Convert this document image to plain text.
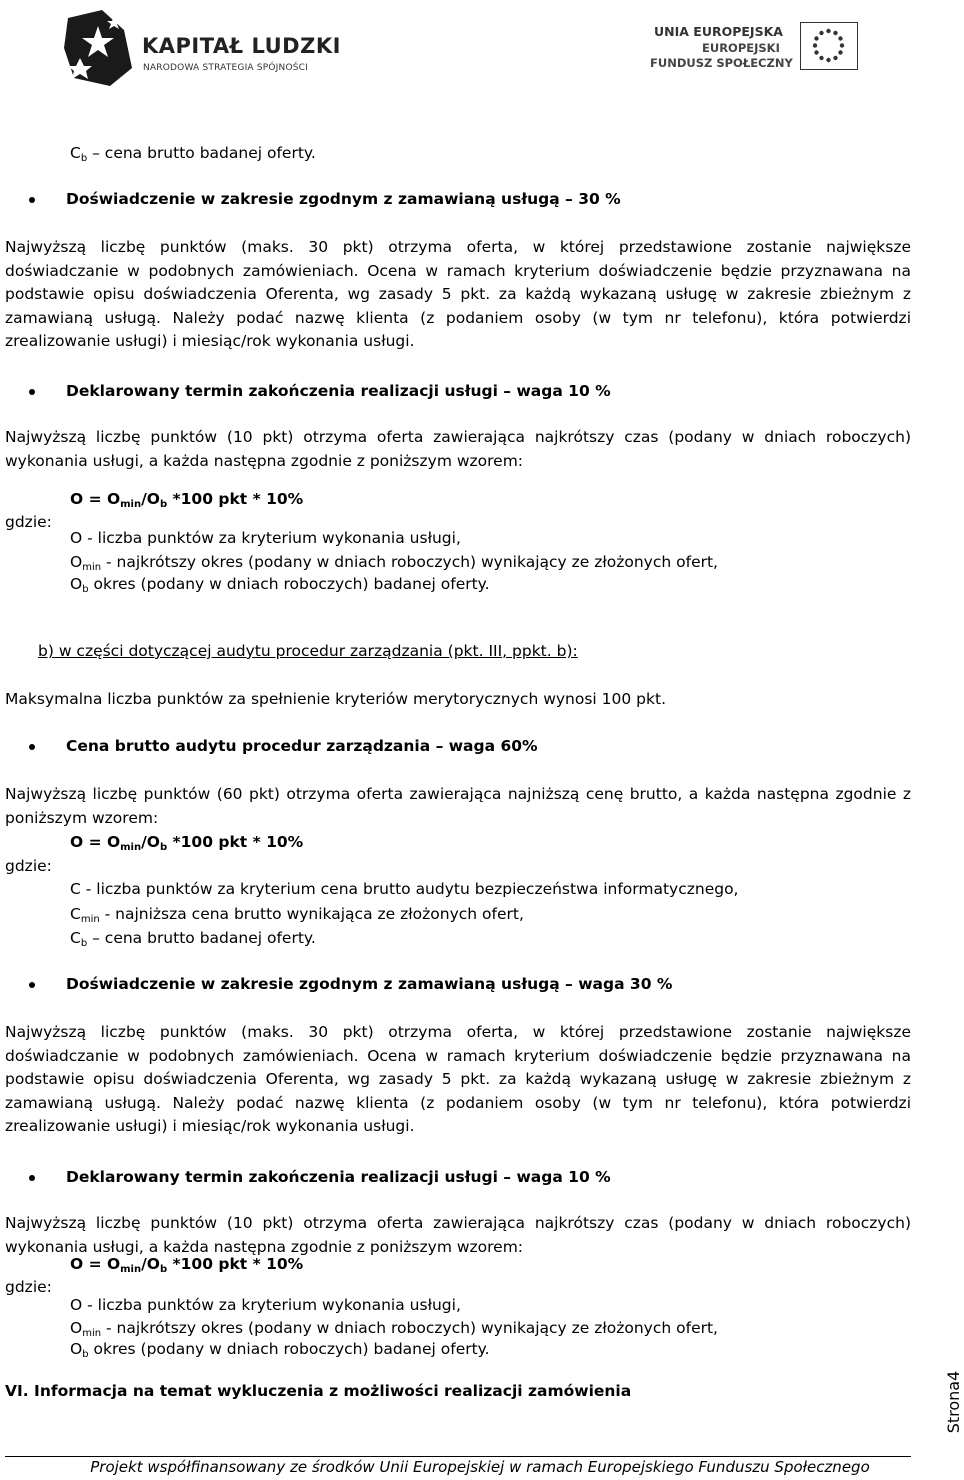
KAPITAŁ LUDZKI
NARODOWA STRATEGIA SPÓJNOŚCI
UNIA EUROPEJSKA
EUROPEJSKI
FUNDUSZ SPOŁECZNY
$C_b$ – cena brutto badanej oferty.
Doświadczenie w zakresie zgodnym z zamawianą usługą – 30 %
Najwyższą liczbę punktów (maks. 30 pkt) otrzyma oferta, w której przedstawione zostanie największe doświadczanie w podobnych zamówieniach. Ocena w ramach kryterium doświadczenie będzie przyznawana na podstawie opisu doświadczenia Oferenta, wg zasady 5 pkt. za każdą wykazaną usługę w zakresie zbieżnym z zamawianą usługą. Należy podać nazwę klienta (z podaniem osoby (w tym nr telefonu), która potwierdzi zrealizowanie usługi) i miesiąc/rok wykonania usługi.
Deklarowany termin zakończenia realizacji usługi – waga 10 %
Najwyższą liczbę punktów (10 pkt) otrzyma oferta zawierająca najkrótszy czas (podany w dniach roboczych) wykonania usługi, a każda następna zgodnie z poniższym wzorem:
$O = O_{min}/O_b$ *100 pkt * 10%
gdzie:
O - liczba punktów za kryterium wykonania usługi,
$O_{min}$ - najkrótszy okres (podany w dniach roboczych) wynikający ze złożonych ofert,
$O_b$ okres (podany w dniach roboczych) badanej oferty.
b) w części dotyczącej audytu procedur zarządzania (pkt. III, ppkt. b):
Maksymalna liczba punktów za spełnienie kryteriów merytorycznych wynosi 100 pkt.
Cena brutto audytu procedur zarządzania – waga 60%
Najwyższą liczbę punktów (60 pkt) otrzyma oferta zawierająca najniższą cenę brutto, a każda następna zgodnie z poniższym wzorem:
$O = O_{min}/O_b$ *100 pkt * 10%
gdzie:
C - liczba punktów za kryterium cena brutto audytu bezpieczeństwa informatycznego,
$C_{min}$ - najniższa cena brutto wynikająca ze złożonych ofert,
$C_b$ – cena brutto badanej oferty.
Doświadczenie w zakresie zgodnym z zamawianą usługą – waga 30 %
Najwyższą liczbę punktów (maks. 30 pkt) otrzyma oferta, w której przedstawione zostanie największe doświadczanie w podobnych zamówieniach. Ocena w ramach kryterium doświadczenie będzie przyznawana na podstawie opisu doświadczenia Oferenta, wg zasady 5 pkt. za każdą wykazaną usługę w zakresie zbieżnym z zamawianą usługą. Należy podać nazwę klienta (z podaniem osoby (w tym nr telefonu), która potwierdzi zrealizowanie usługi) i miesiąc/rok wykonania usługi.
Deklarowany termin zakończenia realizacji usługi – waga 10 %
Najwyższą liczbę punktów (10 pkt) otrzyma oferta zawierająca najkrótszy czas (podany w dniach roboczych) wykonania usługi, a każda następna zgodnie z poniższym wzorem:
$O = O_{min}/O_b$ *100 pkt * 10%
gdzie:
O - liczba punktów za kryterium wykonania usługi,
$O_{min}$ - najkrótszy okres (podany w dniach roboczych) wynikający ze złożonych ofert,
$O_b$ okres (podany w dniach roboczych) badanej oferty.
VI. Informacja na temat wykluczenia z możliwości realizacji zamówienia	Strona4
Projekt współfinansowany ze środków Unii Europejskiej w ramach Europejskiego Funduszu Społecznego
